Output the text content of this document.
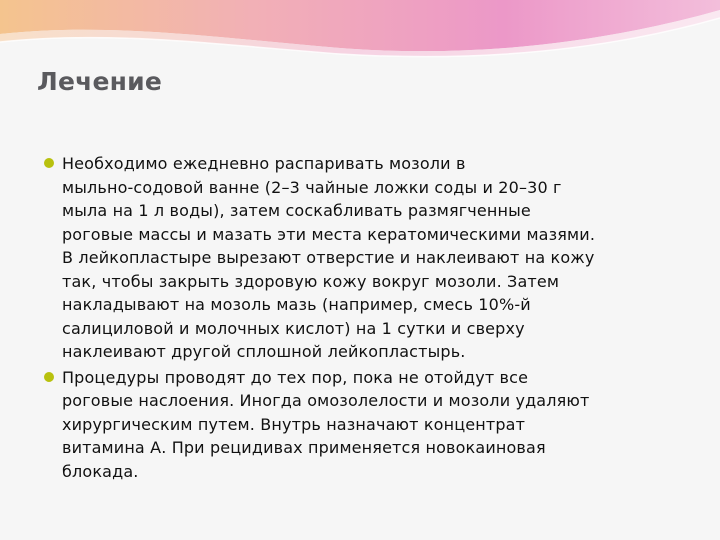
Лечение
Необходимо ежедневно распаривать мозоли в
мыльно-содовой ванне (2–3 чайные ложки соды и 20–30 г
мыла на 1 л воды), затем соскабливать размягченные
роговые массы и мазать эти места кератомическими мазями.
В лейкопластыре вырезают отверстие и наклеивают на кожу
так, чтобы закрыть здоровую кожу вокруг мозоли. Затем
накладывают на мозоль мазь (например, смесь 10%-й
салициловой и молочных кислот) на 1 сутки и сверху
наклеивают другой сплошной лейкопластырь.
Процедуры проводят до тех пор, пока не отойдут все
роговые наслоения. Иногда омозолелости и мозоли удаляют
хирургическим путем. Внутрь назначают концентрат
витамина А. При рецидивах применяется новокаиновая
блокада.
